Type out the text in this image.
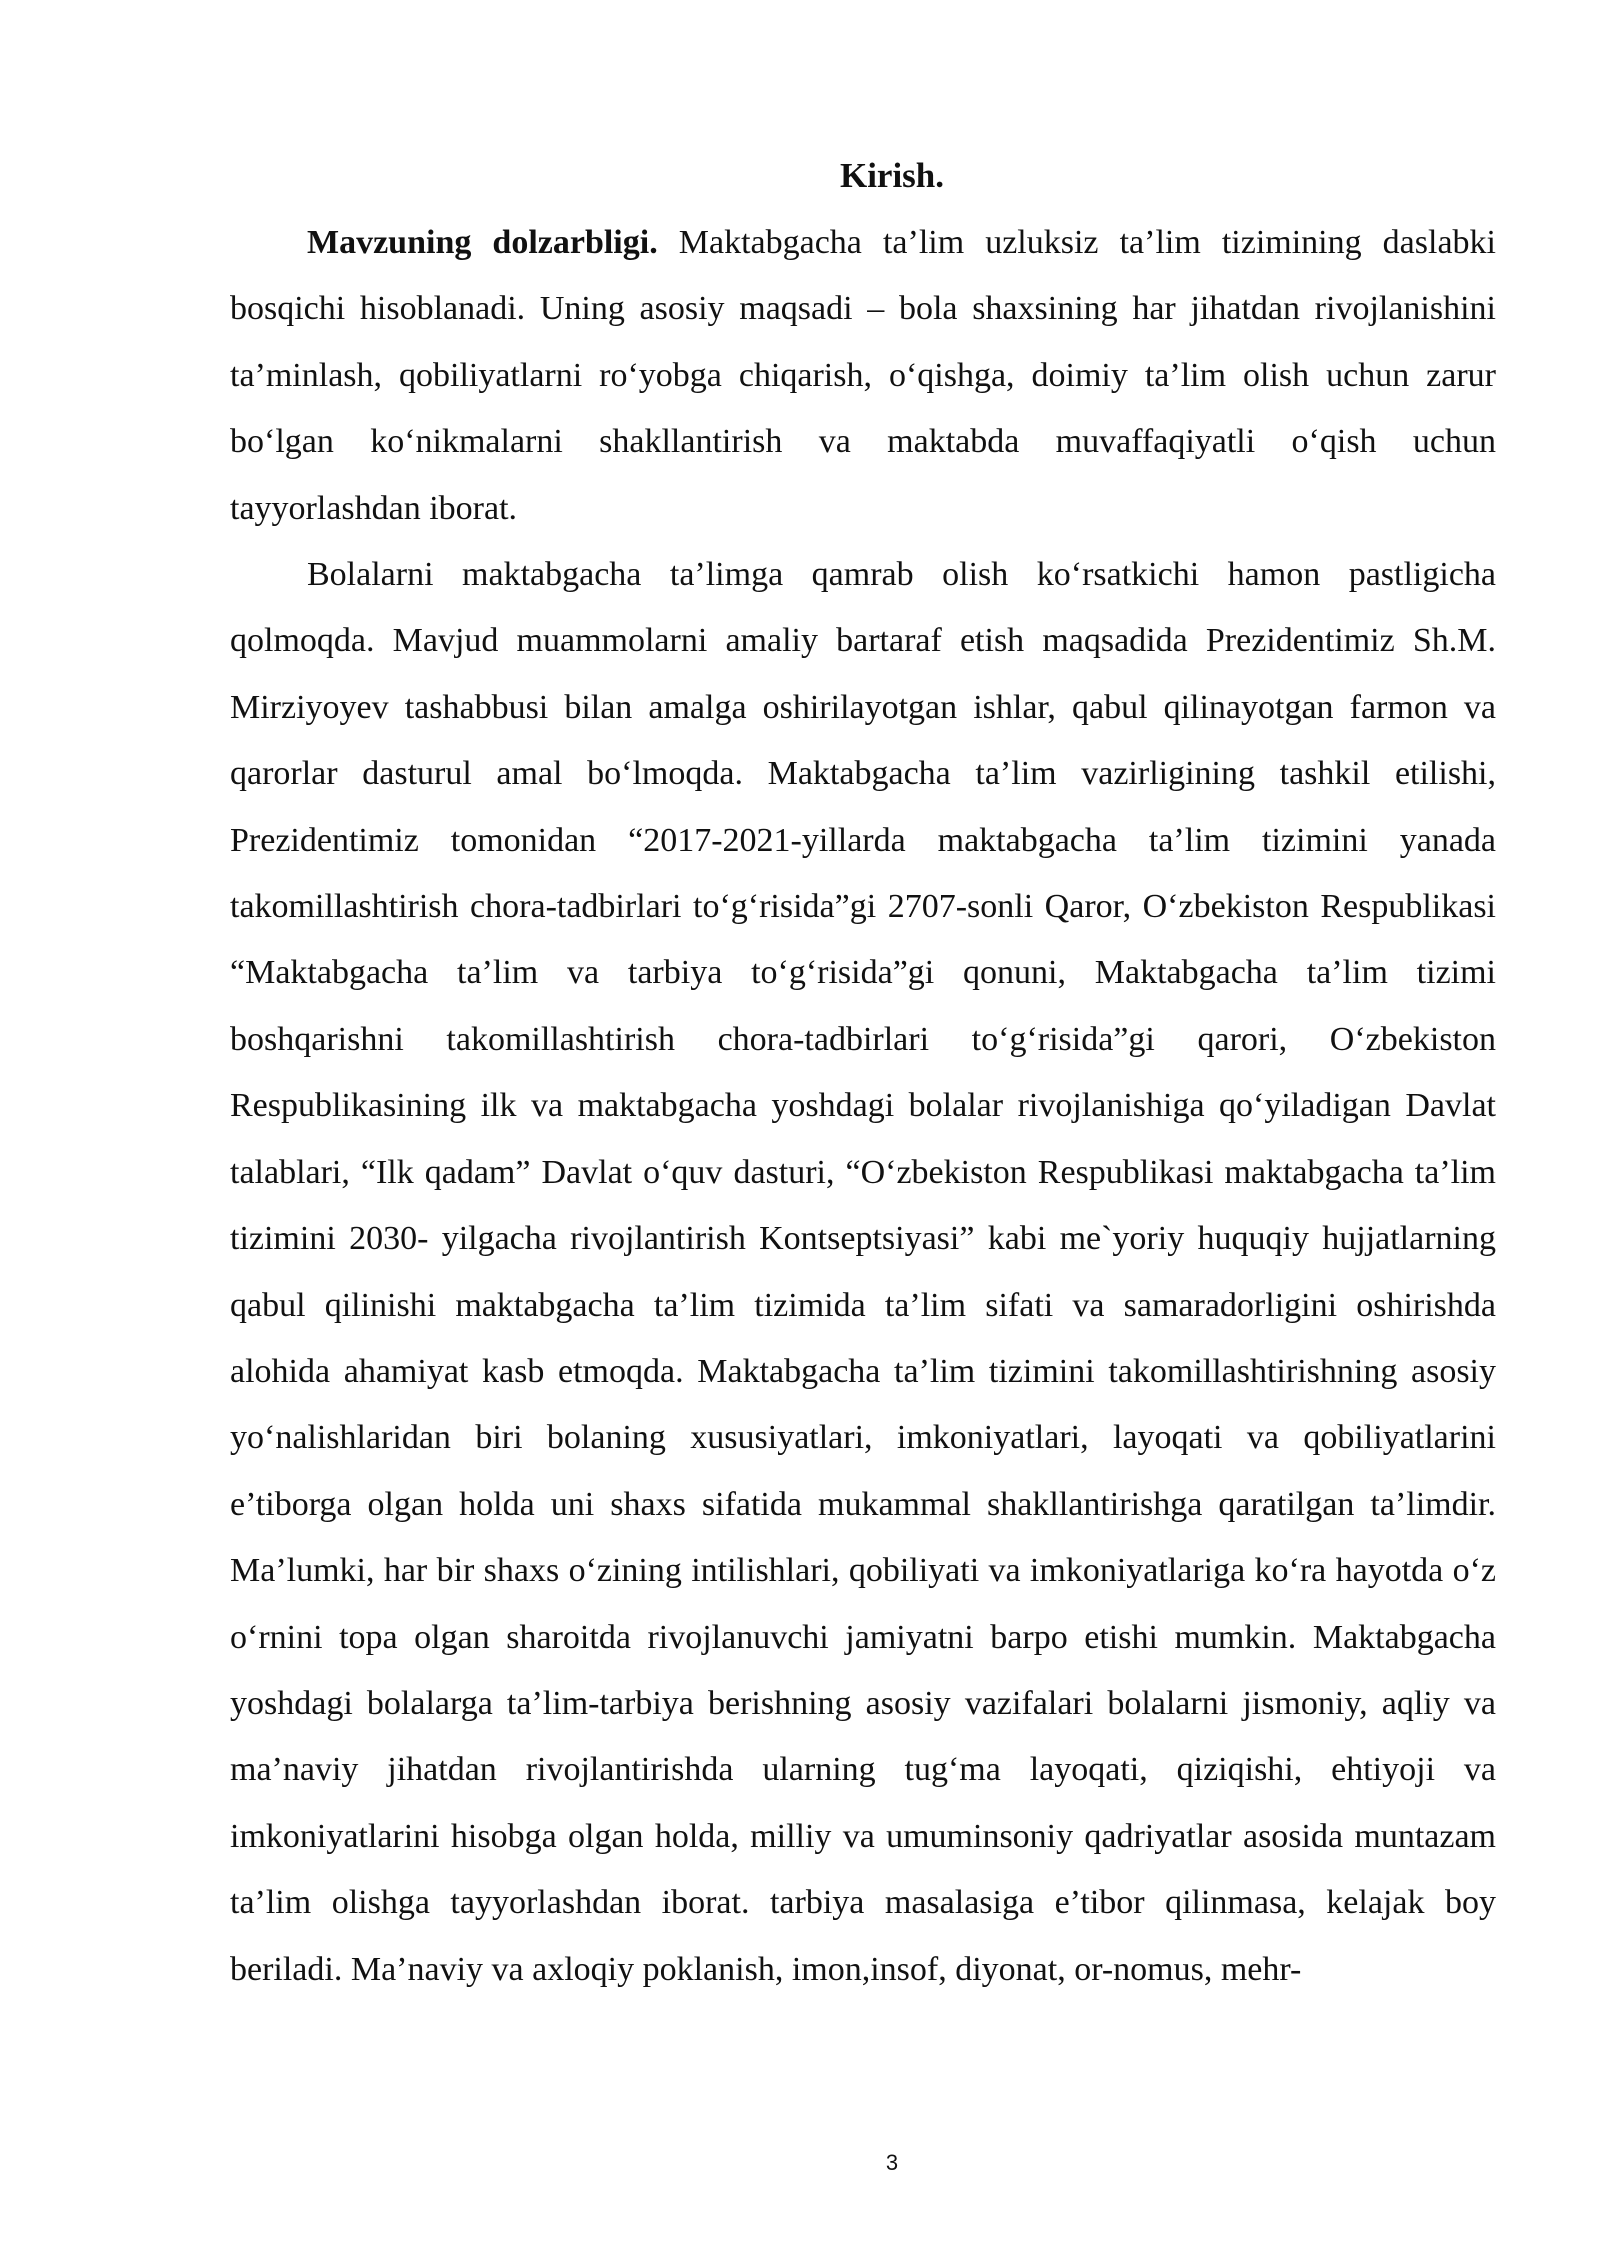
Kirish.

Mavzuning dolzarbligi. Maktabgacha ta’lim uzluksiz ta’lim tizimining daslabki bosqichi hisoblanadi. Uning asosiy maqsadi – bola shaxsining har jihatdan rivojlanishini ta’minlash, qobiliyatlarni ro‘yobga chiqarish, o‘qishga, doimiy ta’lim olish uchun zarur bo‘lgan ko‘nikmalarni shakllantirish va maktabda muvaffaqiyatli o‘qish uchun tayyorlashdan iborat.

Bolalarni maktabgacha ta’limga qamrab olish ko‘rsatkichi hamon pastligicha qolmoqda. Mavjud muammolarni amaliy bartaraf etish maqsadida Prezidentimiz Sh.M. Mirziyoyev tashabbusi bilan amalga oshirilayotgan ishlar, qabul qilinayotgan farmon va qarorlar dasturul amal bo‘lmoqda. Maktabgacha ta’lim vazirligining tashkil etilishi, Prezidentimiz tomonidan “2017-2021-yillarda maktabgacha ta’lim tizimini yanada takomillashtirish chora-tadbirlari to‘g‘risida”gi 2707-sonli Qaror, O‘zbekiston Respublikasi “Maktabgacha ta’lim va tarbiya to‘g‘risida”gi qonuni, Maktabgacha ta’lim tizimi boshqarishni takomillashtirish chora-tadbirlari to‘g‘risida”gi qarori, O‘zbekiston Respublikasining ilk va maktabgacha yoshdagi bolalar rivojlanishiga qo‘yiladigan Davlat talablari, “Ilk qadam” Davlat o‘quv dasturi, “O‘zbekiston Respublikasi maktabgacha ta’lim tizimini 2030- yilgacha rivojlantirish Kontseptsiyasi” kabi me`yoriy huquqiy hujjatlarning qabul qilinishi maktabgacha ta’lim tizimida ta’lim sifati va samaradorligini oshirishda alohida ahamiyat kasb etmoqda. Maktabgacha ta’lim tizimini takomillashtirishning asosiy yo‘nalishlaridan biri bolaning xususiyatlari, imkoniyatlari, layoqati va qobiliyatlarini e’tiborga olgan holda uni shaxs sifatida mukammal shakllantirishga qaratilgan ta’limdir. Ma’lumki, har bir shaxs o‘zining intilishlari, qobiliyati va imkoniyatlariga ko‘ra hayotda o‘z o‘rnini topa olgan sharoitda rivojlanuvchi jamiyatni barpo etishi mumkin. Maktabgacha yoshdagi bolalarga ta’lim-tarbiya berishning asosiy vazifalari bolalarni jismoniy, aqliy va ma’naviy jihatdan rivojlantirishda ularning tug‘ma layoqati, qiziqishi, ehtiyoji va imkoniyatlarini hisobga olgan holda, milliy va umuminsoniy qadriyatlar asosida muntazam ta’lim olishga tayyorlashdan iborat. tarbiya masalasiga e’tibor qilinmasa, kelajak boy beriladi. Ma’naviy va axloqiy poklanish, imon,insof, diyonat, or-nomus, mehr-

3
